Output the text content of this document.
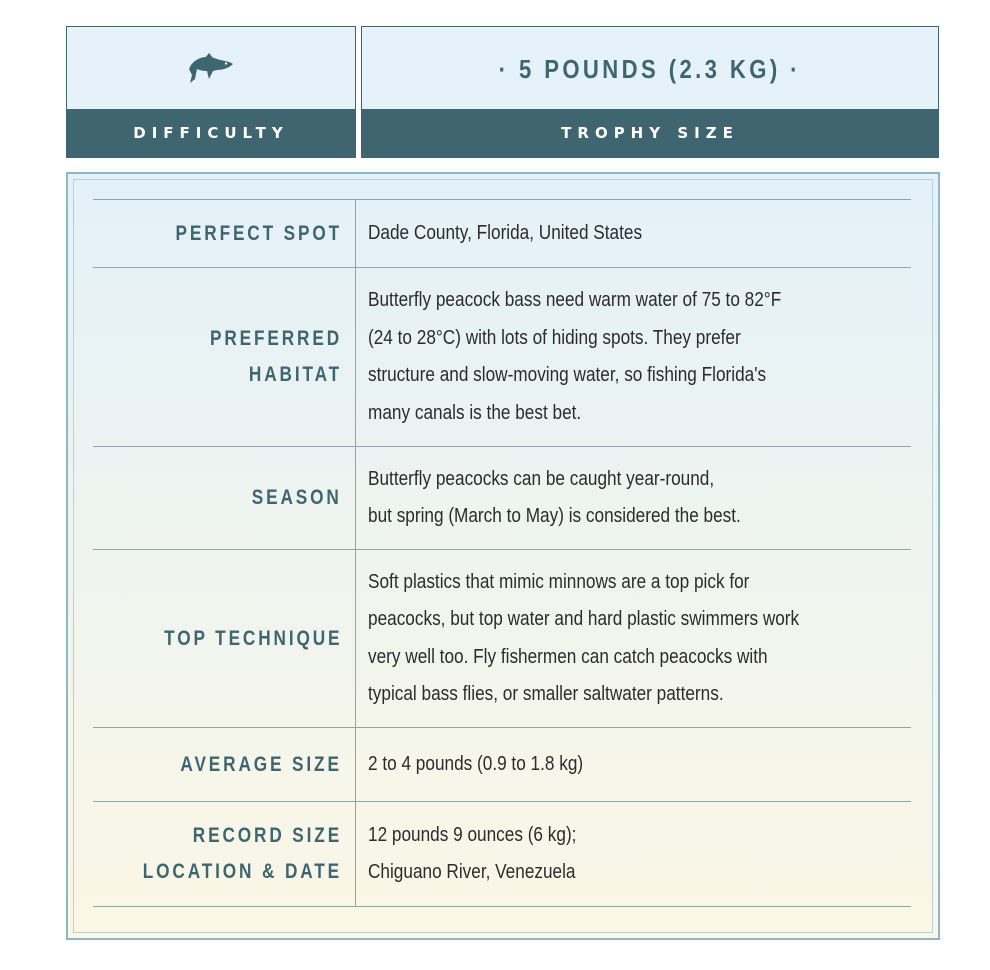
DIFFICULTY
· 5 POUNDS (2.3 KG) ·
TROPHY SIZE
PERFECT SPOT Dade County, Florida, United States
PREFERRED
HABITAT
Butterfly peacock bass need warm water of 75 to 82°F
(24 to 28°C) with lots of hiding spots. They prefer
structure and slow-moving water, so fishing Florida's
many canals is the best bet.
SEASON
Butterfly peacocks can be caught year-round,
but spring (March to May) is considered the best.
TOP TECHNIQUE
Soft plastics that mimic minnows are a top pick for
peacocks, but top water and hard plastic swimmers work
very well too. Fly fishermen can catch peacocks with
typical bass flies, or smaller saltwater patterns.
AVERAGE SIZE 2 to 4 pounds (0.9 to 1.8 kg)
RECORD SIZE
LOCATION & DATE
12 pounds 9 ounces (6 kg);
Chiguano River, Venezuela
